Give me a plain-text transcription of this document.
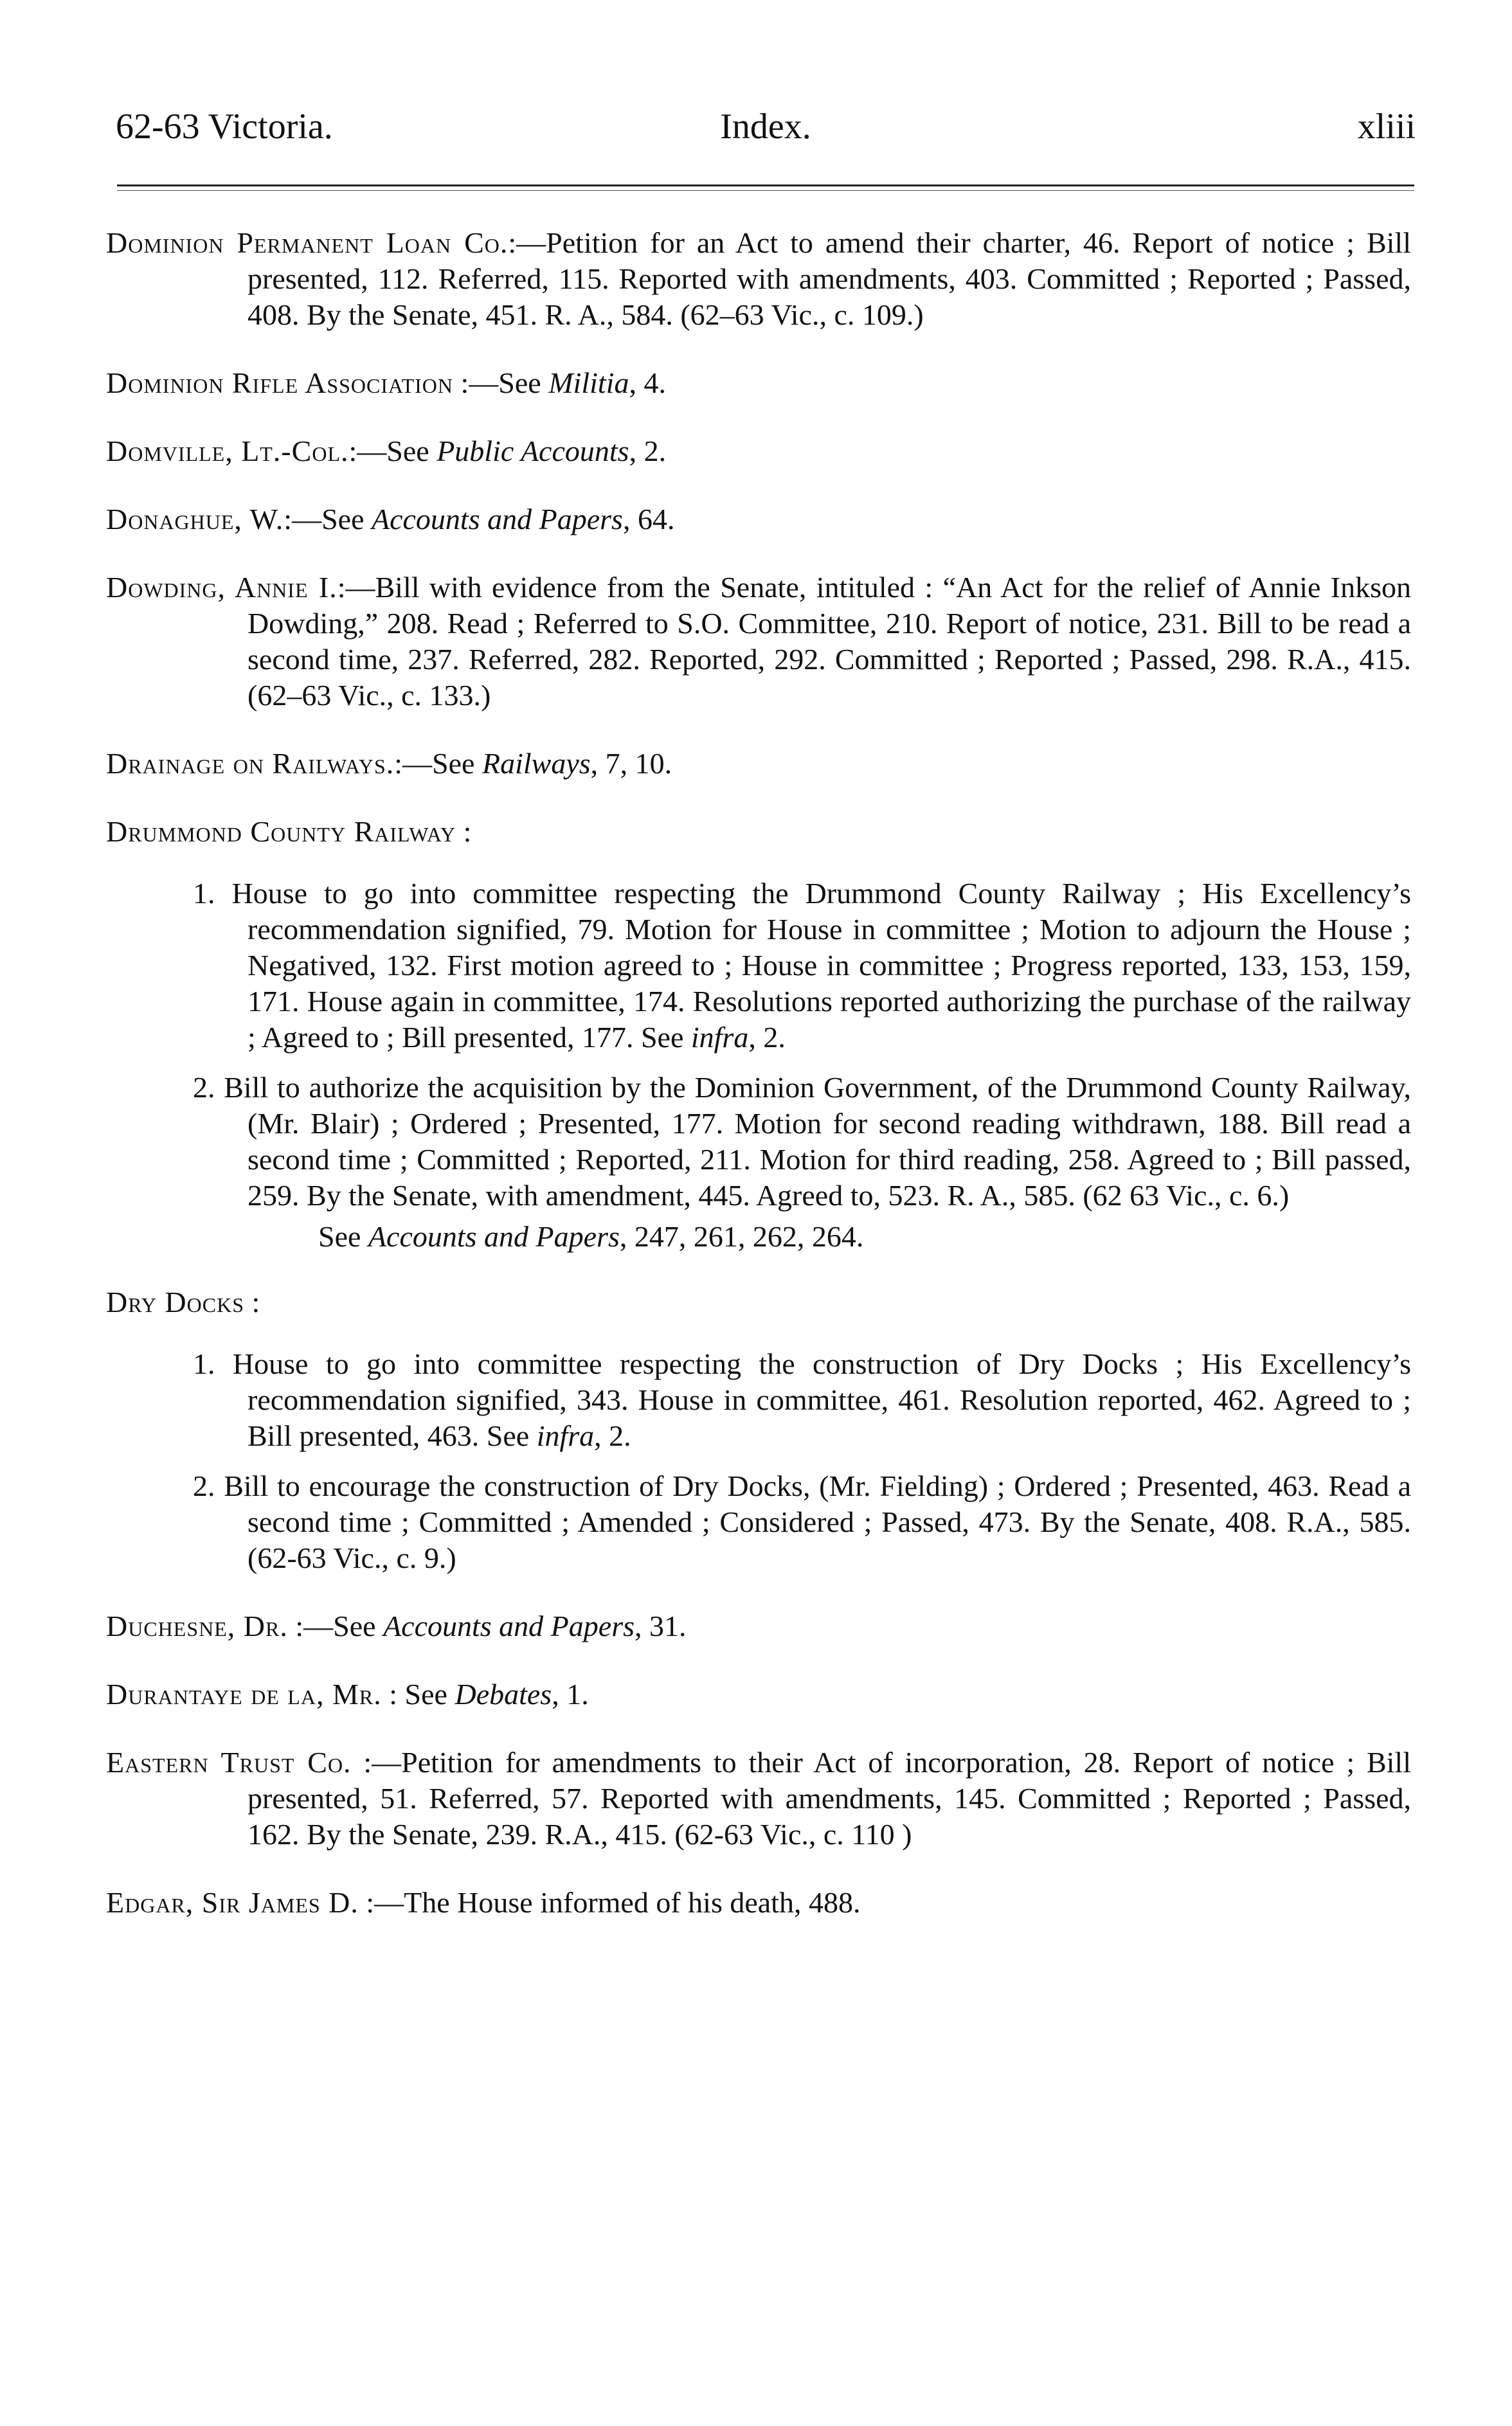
62-63 Victoria.	Index.	xliii
Dominion Permanent Loan Co.:—Petition for an Act to amend their charter, 46. Report of notice ; Bill presented, 112. Referred, 115. Reported with amendments, 403. Committed ; Reported ; Passed, 408. By the Senate, 451. R. A., 584. (62–63 Vic., c. 109.)
Dominion Rifle Association :—See Militia, 4.
Domville, Lt.-Col.:—See Public Accounts, 2.
Donaghue, W.:—See Accounts and Papers, 64.
Dowding, Annie I.:—Bill with evidence from the Senate, intituled : “An Act for the relief of Annie Inkson Dowding,” 208. Read ; Referred to S.O. Committee, 210. Report of notice, 231. Bill to be read a second time, 237. Referred, 282. Reported, 292. Committed ; Reported ; Passed, 298. R.A., 415. (62–63 Vic., c. 133.)
Drainage on Railways.:—See Railways, 7, 10.
Drummond County Railway :
1. House to go into committee respecting the Drummond County Railway ; His Excellency’s recommendation signified, 79. Motion for House in committee ; Motion to adjourn the House ; Negatived, 132. First motion agreed to ; House in committee ; Progress reported, 133, 153, 159, 171. House again in committee, 174. Resolutions reported authorizing the purchase of the railway ; Agreed to ; Bill presented, 177. See infra, 2.
2. Bill to authorize the acquisition by the Dominion Government, of the Drummond County Railway, (Mr. Blair) ; Ordered ; Presented, 177. Motion for second reading withdrawn, 188. Bill read a second time ; Committed ; Reported, 211. Motion for third reading, 258. Agreed to ; Bill passed, 259. By the Senate, with amendment, 445. Agreed to, 523. R. A., 585. (62 63 Vic., c. 6.)
See Accounts and Papers, 247, 261, 262, 264.
Dry Docks :
1. House to go into committee respecting the construction of Dry Docks ; His Excellency’s recommendation signified, 343. House in committee, 461. Resolution reported, 462. Agreed to ; Bill presented, 463. See infra, 2.
2. Bill to encourage the construction of Dry Docks, (Mr. Fielding) ; Ordered ; Presented, 463. Read a second time ; Committed ; Amended ; Considered ; Passed, 473. By the Senate, 408. R.A., 585. (62-63 Vic., c. 9.)
Duchesne, Dr. :—See Accounts and Papers, 31.
Durantaye de la, Mr. : See Debates, 1.
Eastern Trust Co. :—Petition for amendments to their Act of incorporation, 28. Report of notice ; Bill presented, 51. Referred, 57. Reported with amendments, 145. Committed ; Reported ; Passed, 162. By the Senate, 239. R.A., 415. (62-63 Vic., c. 110 )
Edgar, Sir James D. :—The House informed of his death, 488.
